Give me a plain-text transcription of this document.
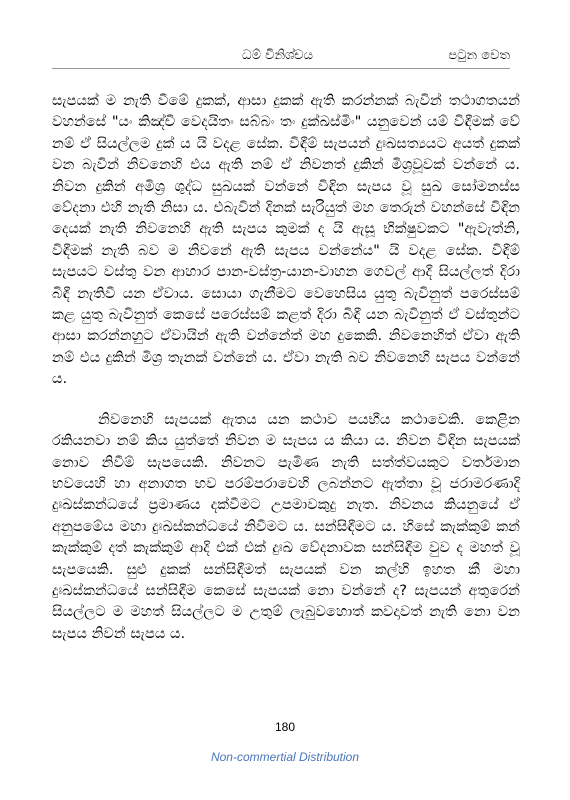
ධම් විනිශ්චය	පටුන වෙත

සැපයක් ම නැති වීමේ දුකක්, ආසා දුකක් ඇති කරන්නක් බැවින් තථාගතයන් වහන්සේ "යං කිඤ්චි වෙදයිතං සබ්බං තං දුක්ඛස්මිං" යනුවෙන් යම් විඳීමක් වේ නම් ඒ සියල්ලම දුක් ය යි වදළ සේක. විඳීම් සැපයන් දුඃඛසත්‍යයට අයත් දුකක් වන බැවින් නිවනෙහි එය ඇති නම් ඒ නිවනත් දුකින් මිශ්‍රවූවක් වන්නේ ය. නිවන දුකින් අමිශ්‍ර ශුද්ධ සුඛයක් වන්නේ විඳින සැපය වූ සුඛ සෝමනස්ස වේදනා එහි නැති නිසා ය. එබැවින් දිනක් සැරියුත් මහ තෙරුන් වහන්සේ විඳින දෙයක් නැති නිවනෙහි ඇති සැපය කුමක් ද යි ඇසූ භික්ෂුවකට "ඇවැත්නි, විඳීමක් නැති බව ම නිවනේ ඇති සැපය වන්නේය" යි වදළ සේක. විඳීම් සැපයට වස්තු වන ආහාර පාන-වස්ත්‍ර-යාන-වාහන ගෙවල් ආදී සියල්ලත් දිරා බිඳී නැතිවී යන ඒවාය. සොයා ගැනීමට වෙහෙසිය යුතු බැවිනුත් පරෙස්සම් කළ යුතු බැවිනුත් කෙසේ පරෙස්සම් කළත් දිරා බිඳී යන බැවිනුත් ඒ වස්තුන්ට ආසා කරන්නහුට ඒවායින් ඇති වන්නේත් මහ දුකෙකි. නිවනෙහිත් ඒවා ඇති නම් එය දුකින් මිශ්‍ර තැනක් වන්නේ ය. ඒවා නැති බව නිවනෙහි සැපය වන්නේ ය.

නිවනෙහි සැපයක් ඇතය යන කථාව පයභීය කථාවෙකි. කෙළින රකියනවා නම් කිය යුත්තේ නිවන ම සැපය ය කියා ය. නිවන විඳින සැපයක් නොව නිවීම් සැපයෙකි. නිවනට පැමිණ නැති සත්ත්වයකුට වර්තමාන භවයෙහි හා අනාගත භව පරම්පරාවෙහි ලබන්නට ඇත්තා වූ ජරාමරණාදි දුඃඛස්කන්ධයේ ප්‍රමාණය දක්වීමට උපමාවකුදු නැත. නිවනය කියනුයේ ඒ අනුපමේය මහා දුඃඛස්කන්ධයේ නිවීමට ය. සන්සිඳීමට ය. හිසේ කැක්කුම් කන් කැක්කුම් දත් කැක්කුම් ආදි එක් එක් දුඃඛ වේදනාවක සන්සිඳීම වුව ද මහත් වූ සැපයෙකි. සුළු දුකක් සන්සිඳීමත් සැපයක් වන කල්හි ඉහත කී මහා දුඃඛස්කන්ධයේ සන්සිඳීම කෙසේ සැපයක් නො වන්නේ ද? සැපයන් අතුරෙන් සියල්ලට ම මහත් සියල්ලට ම උතුම් ලැබුවහොත් කවදාවත් නැති නො වන සැපය නිවන් සැපය ය.

180
Non-commertial Distribution
